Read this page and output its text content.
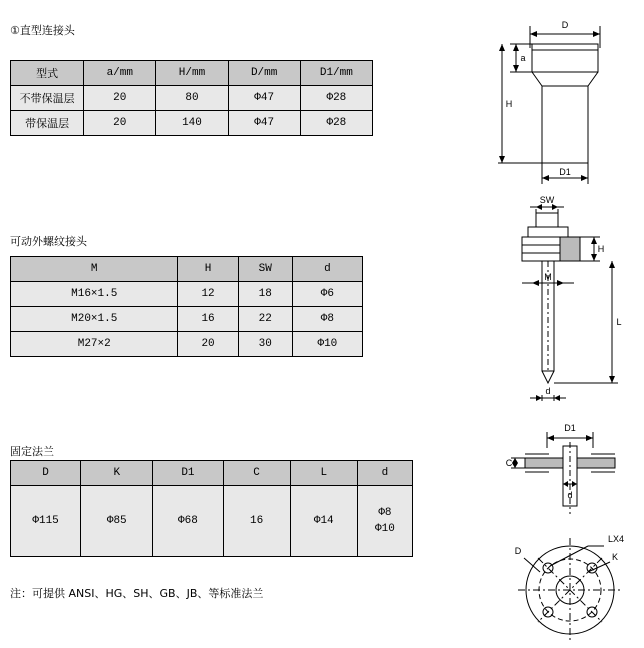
①直型连接头
可动外螺纹接头
固定法兰
型式	a/mm	H/mm	D/mm	D1/mm
不带保温层	20	80	Φ47	Φ28
带保温层	20	140	Φ47	Φ28
M	H	SW	d
M16×1.5	12	18	Φ6
M20×1.5	16	22	Φ8
M27×2	20	30	Φ10
D	K	D1	C	L	d
Φ115	Φ85	Φ68	16	Φ14	Φ8
Φ10
注：可提供 ANSI、HG、SH、GB、JB、等标准法兰
D
a
H
D1
SW
H
M
L
d
D1
C
d
D
K
LX4
